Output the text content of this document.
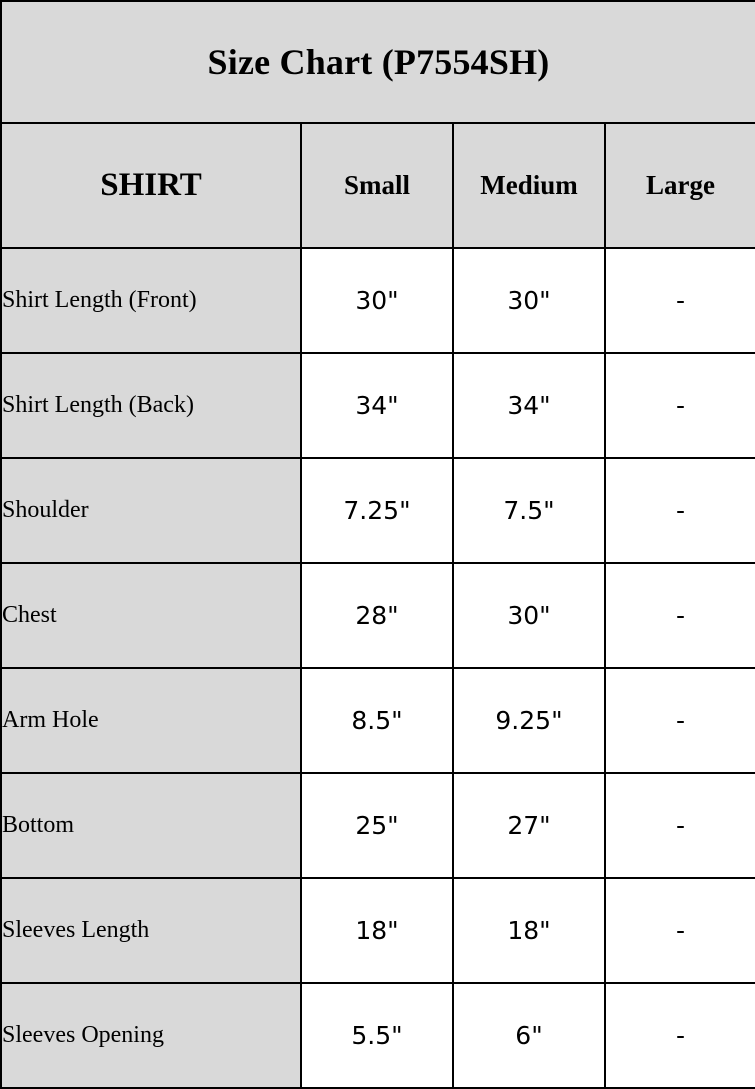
Size Chart (P7554SH)			
SHIRT	Small	Medium	Large
Shirt Length (Front)	30"	30"	-
Shirt Length (Back)	34"	34"	-
Shoulder	7.25"	7.5"	-
Chest	28"	30"	-
Arm Hole	8.5"	9.25"	-
Bottom	25"	27"	-
Sleeves Length	18"	18"	-
Sleeves Opening	5.5"	6"	-
